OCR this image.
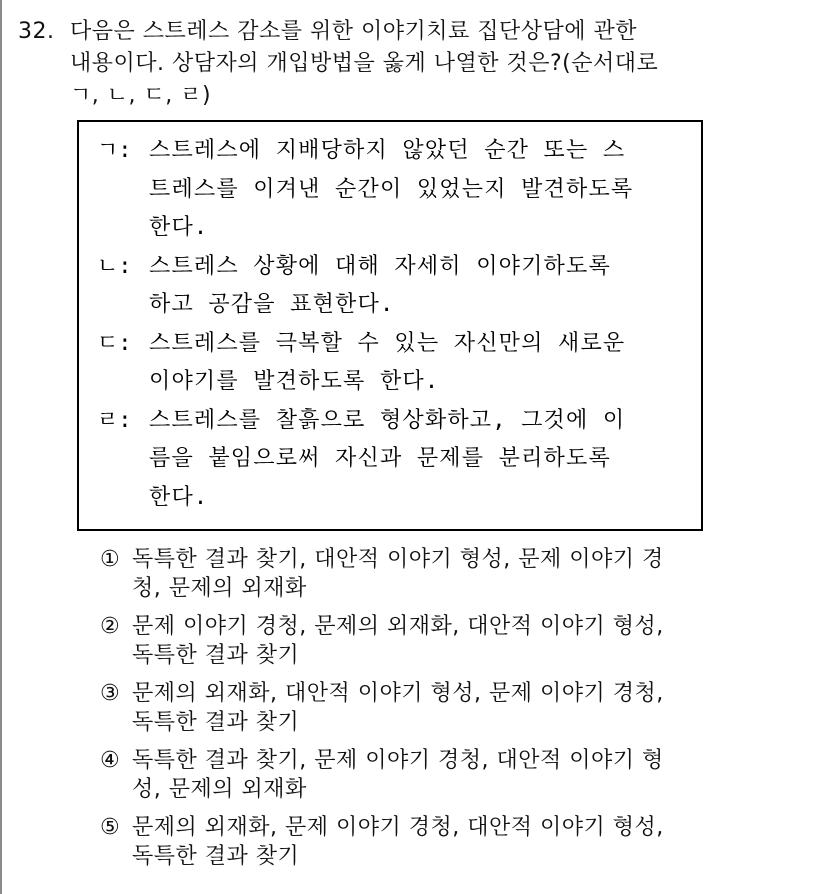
32. 다음은 스트레스 감소를 위한 이야기치료 집단상담에 관한
내용이다. 상담자의 개입방법을 옳게 나열한 것은?(순서대로
ㄱ, ㄴ, ㄷ, ㄹ)
ㄱ: 스트레스에 지배당하지 않았던 순간 또는 스
트레스를 이겨낸 순간이 있었는지 발견하도록
한다.
ㄴ: 스트레스 상황에 대해 자세히 이야기하도록
하고 공감을 표현한다.
ㄷ: 스트레스를 극복할 수 있는 자신만의 새로운
이야기를 발견하도록 한다.
ㄹ: 스트레스를 찰흙으로 형상화하고, 그것에 이
름을 붙임으로써 자신과 문제를 분리하도록
한다.
① 독특한 결과 찾기, 대안적 이야기 형성, 문제 이야기 경
청, 문제의 외재화
② 문제 이야기 경청, 문제의 외재화, 대안적 이야기 형성,
독특한 결과 찾기
③ 문제의 외재화, 대안적 이야기 형성, 문제 이야기 경청,
독특한 결과 찾기
④ 독특한 결과 찾기, 문제 이야기 경청, 대안적 이야기 형
성, 문제의 외재화
⑤ 문제의 외재화, 문제 이야기 경청, 대안적 이야기 형성,
독특한 결과 찾기
